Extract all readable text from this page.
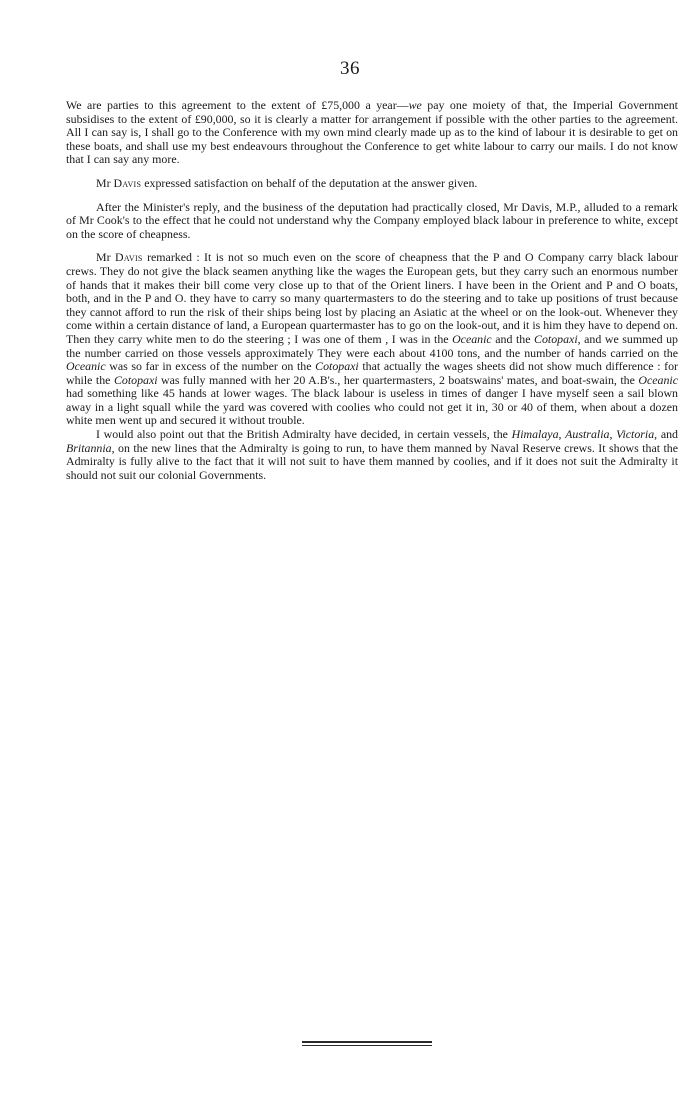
36

We are parties to this agreement to the extent of £75,000 a year—we pay one moiety of that, the Imperial Government subsidises to the extent of £90,000, so it is clearly a matter for arrangement if possible with the other parties to the agreement. All I can say is, I shall go to the Conference with my own mind clearly made up as to the kind of labour it is desirable to get on these boats, and shall use my best endeavours throughout the Conference to get white labour to carry our mails. I do not know that I can say any more.

Mr Davis expressed satisfaction on behalf of the deputation at the answer given.

After the Minister's reply, and the business of the deputation had practically closed, Mr Davis, M.P., alluded to a remark of Mr Cook's to the effect that he could not understand why the Company employed black labour in preference to white, except on the score of cheapness.

Mr Davis remarked : It is not so much even on the score of cheapness that the P and O Company carry black labour crews. They do not give the black seamen anything like the wages the European gets, but they carry such an enormous number of hands that it makes their bill come very close up to that of the Orient liners. I have been in the Orient and P and O boats, both, and in the P and O. they have to carry so many quartermasters to do the steering and to take up positions of trust because they cannot afford to run the risk of their ships being lost by placing an Asiatic at the wheel or on the look-out. Whenever they come within a certain distance of land, a European quartermaster has to go on the look-out, and it is him they have to depend on. Then they carry white men to do the steering ; I was one of them , I was in the Oceanic and the Cotopaxi, and we summed up the number carried on those vessels approximately They were each about 4100 tons, and the number of hands carried on the Oceanic was so far in excess of the number on the Cotopaxi that actually the wages sheets did not show much difference : for while the Cotopaxi was fully manned with her 20 A.B's., her quartermasters, 2 boatswains' mates, and boat-swain, the Oceanic had something like 45 hands at lower wages. The black labour is useless in times of danger I have myself seen a sail blown away in a light squall while the yard was covered with coolies who could not get it in, 30 or 40 of them, when about a dozen white men went up and secured it without trouble.

I would also point out that the British Admiralty have decided, in certain vessels, the Himalaya, Australia, Victoria, and Britannia, on the new lines that the Admiralty is going to run, to have them manned by Naval Reserve crews. It shows that the Admiralty is fully alive to the fact that it will not suit to have them manned by coolies, and if it does not suit the Admiralty it should not suit our colonial Governments.
